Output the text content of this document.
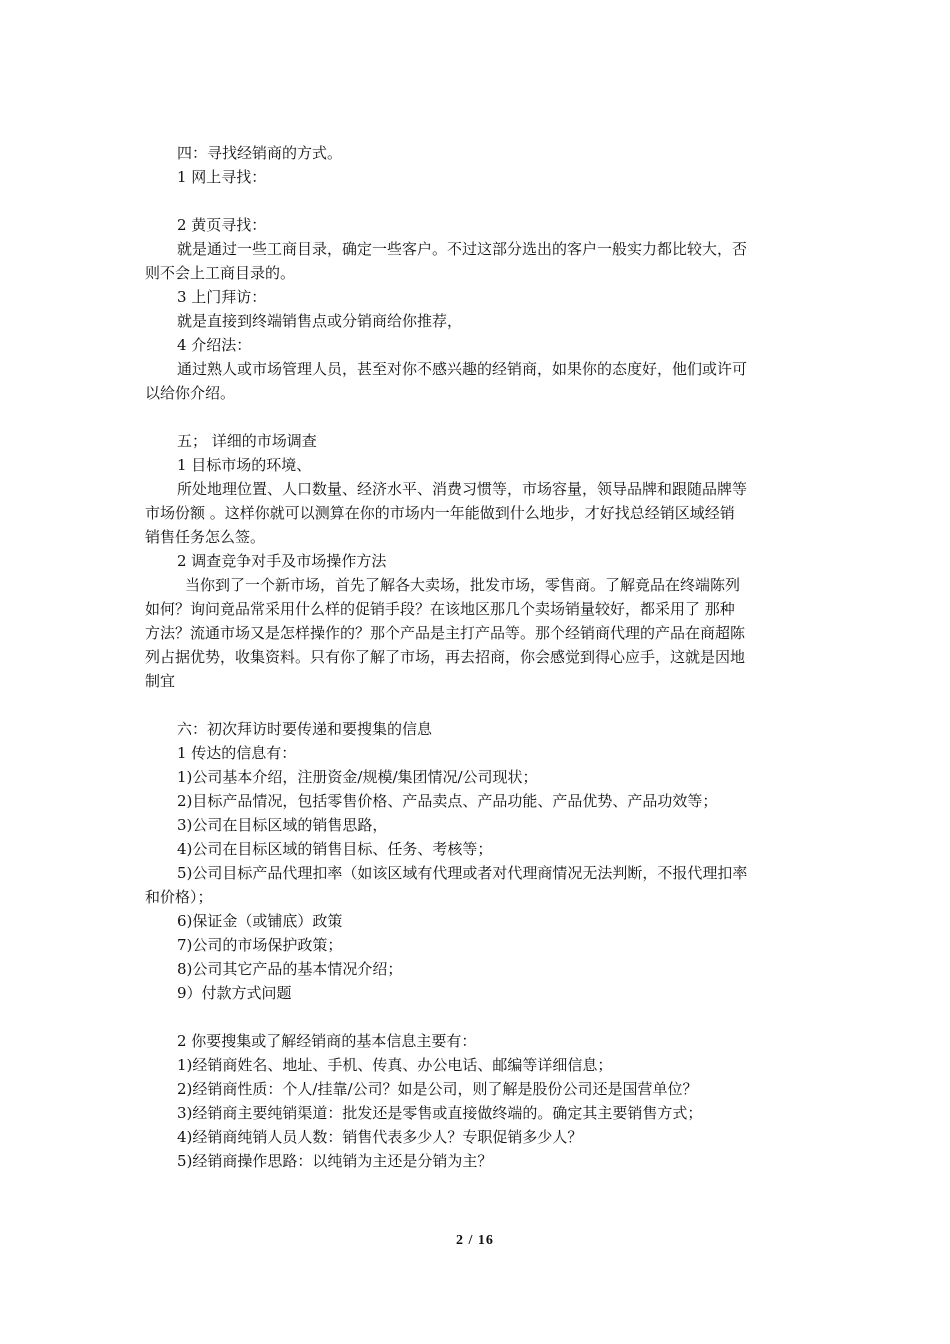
四：寻找经销商的方式。
1 网上寻找：
2 黄页寻找：
就是通过一些工商目录，确定一些客户。不过这部分选出的客户一般实力都比较大，否
则不会上工商目录的。
3 上门拜访：
就是直接到终端销售点或分销商给你推荐，
4 介绍法：
通过熟人或市场管理人员，甚至对你不感兴趣的经销商，如果你的态度好，他们或许可
以给你介绍。
五； 详细的市场调查
1 目标市场的环境、
所处地理位置、人口数量、经济水平、消费习惯等，市场容量，领导品牌和跟随品牌等
市场份额 。这样你就可以测算在你的市场内一年能做到什么地步，才好找总经销区域经销
销售任务怎么签。
2 调查竞争对手及市场操作方法
当你到了一个新市场，首先了解各大卖场，批发市场，零售商。了解竟品在终端陈列
如何？询问竟品常采用什么样的促销手段？在该地区那几个卖场销量较好，都采用了 那种
方法？流通市场又是怎样操作的？那个产品是主打产品等。那个经销商代理的产品在商超陈
列占据优势，收集资料。只有你了解了市场，再去招商，你会感觉到得心应手，这就是因地
制宜
六：初次拜访时要传递和要搜集的信息
1 传达的信息有：
1)公司基本介绍，注册资金/规模/集团情况/公司现状；
2)目标产品情况，包括零售价格、产品卖点、产品功能、产品优势、产品功效等；
3)公司在目标区域的销售思路，
4)公司在目标区域的销售目标、任务、考核等；
5)公司目标产品代理扣率（如该区域有代理或者对代理商情况无法判断，不报代理扣率
和价格）；
6)保证金（或铺底）政策
7)公司的市场保护政策；
8)公司其它产品的基本情况介绍；
9）付款方式问题
2 你要搜集或了解经销商的基本信息主要有：
1)经销商姓名、地址、手机、传真、办公电话、邮编等详细信息；
2)经销商性质：个人/挂靠/公司？如是公司，则了解是股份公司还是国营单位？
3)经销商主要纯销渠道：批发还是零售或直接做终端的。确定其主要销售方式；
4)经销商纯销人员人数：销售代表多少人？专职促销多少人？
5)经销商操作思路：以纯销为主还是分销为主？
2 / 16
